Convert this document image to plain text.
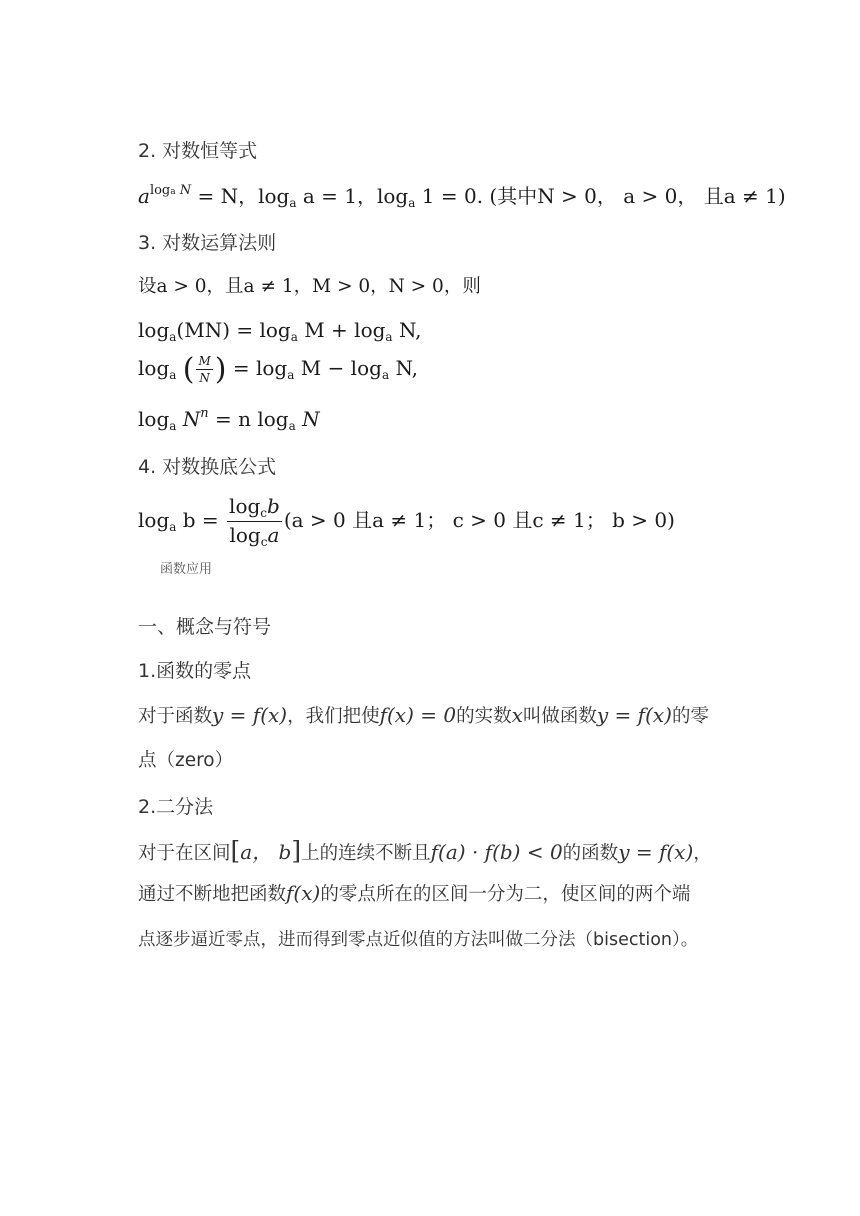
2. 对数恒等式
$a^{loga N} = N$，$\log_a a = 1$，$\log_a 1 = 0$. (其中N > 0， a > 0， 且a ≠ 1)
3. 对数运算法则
设a > 0，且a ≠ 1，M > 0，N > 0，则
$\log_a(MN) = \log_a M + \log_a N$,
$\log_a$ ( $\frac{M}{N}$ ) = $\log_a M - \log_a N$,
$\log_a N^n = n$ $\log_a N$
4. 对数换底公式
$\log_a b = \frac{\log_cb}{\log_ca} (a > 0$ 且a ≠ 1； c > 0 且c ≠ 1； b > 0)
函数应用
一、概念与符号
1.函数的零点
对于函数y = f(x)，我们把使f(x) = 0的实数x叫做函数y = f(x)的零
点（zero）
2.二分法
对于在区间[a， b]上的连续不断且f(a) · f(b) < 0的函数y = f(x)，
通过不断地把函数f(x)的零点所在的区间一分为二，使区间的两个端
点逐步逼近零点，进而得到零点近似值的方法叫做二分法（bisection）。
